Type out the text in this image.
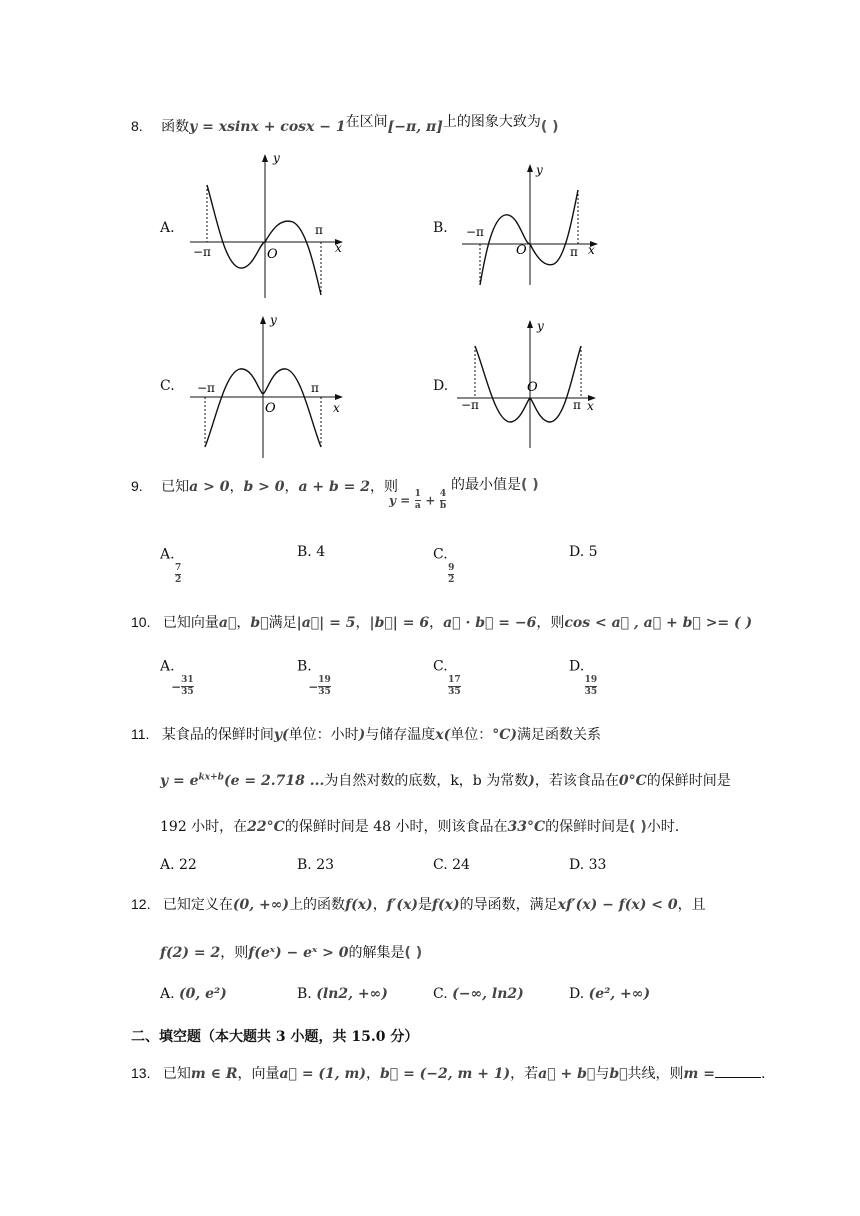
8. 函数y = xsinx + cosx − 1在区间[−π, π]上的图象大致为( )
A.	B.
C.	D.
y
x
O
−π
π
y
x
O
−π
π
y
x
O
−π	π
y
x
O
−π	π
9. 已知a > 0，b > 0，a + b = 2，则
$y = \frac{1}{a} + \frac{4}{b}$
的最小值是( )
A.
$\frac{7}{2}$
B. 4	C.
$\frac{9}{2}$
D. 5
10. 已知向量a⃗，b⃗满足|a⃗| = 5，|b⃗| = 6，a⃗ · b⃗ = −6，则cos < a⃗ , a⃗ + b⃗ >= ( )
A. − $\frac{31}{35}$
B. − $\frac{19}{35}$
C.
$\frac{17}{35}$
D.
$\frac{19}{35}$
11. 某食品的保鲜时间y(单位：小时)与储存温度x(单位：°C)满足函数关系
$y = e^{kx+b}(e = 2.718$ ...为自然对数的底数，k，b 为常数)，若该食品在0°C的保鲜时间是
192 小时，在22°C的保鲜时间是 48 小时，则该食品在33°C的保鲜时间是( )小时.
A. 22	B. 23	C. 24	D. 33
12. 已知定义在(0, +∞)上的函数f(x)，f′(x)是f(x)的导函数，满足xf′(x) − f(x) < 0，且
f(2) = 2，则f(eˣ) − eˣ > 0的解集是( )
A. (0, e²)	B. (ln2, +∞)	C. (−∞, ln2)	D. (e², +∞)
二、填空题（本大题共 3 小题，共 15.0 分）
13. 已知m ∈ R，向量a⃗ = (1, m)，b⃗ = (−2, m + 1)，若a⃗ + b⃗与b⃗共线，则m =	.
